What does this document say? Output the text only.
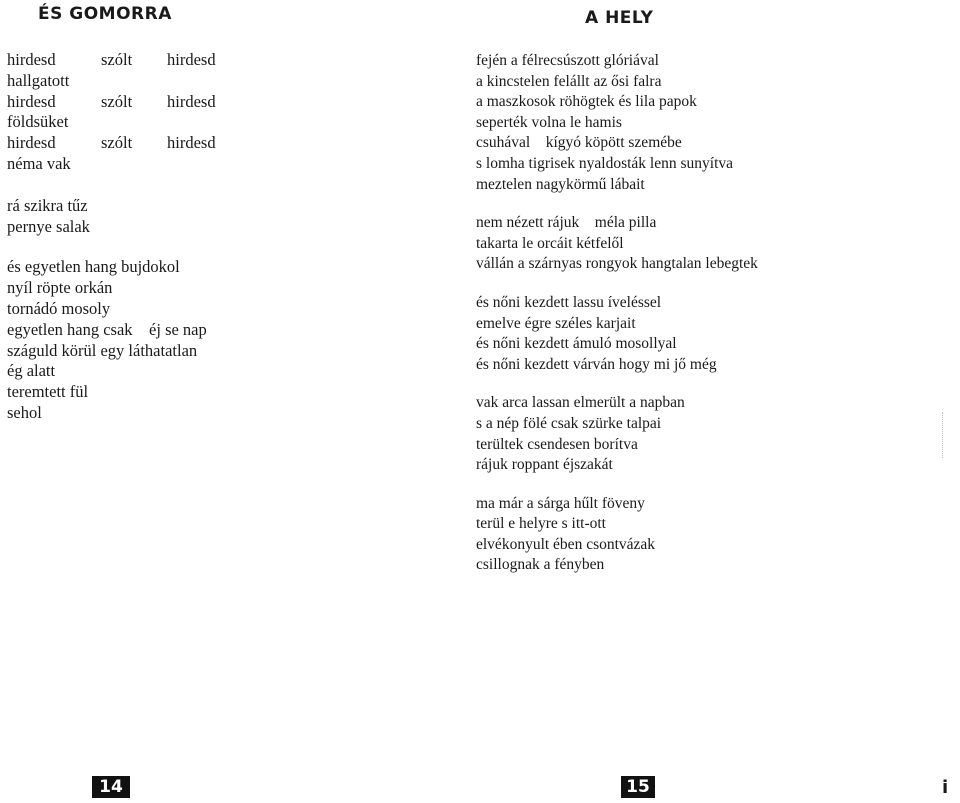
ÉS GOMORRA
hirdesd	szólt	hirdesd
hallgatott
hirdesd	szólt	hirdesd
földsüket
hirdesd	szólt	hirdesd
néma vak
rá szikra tűz
pernye salak
és egyetlen hang bujdokol
nyíl röpte orkán
tornádó mosoly
egyetlen hang csak    éj se nap
száguld körül egy láthatatlan
ég alatt
teremtett fül
sehol
14
A HELY
fején a félrecsúszott glóriával
a kincstelen felállt az ősi falra
a maszkosok röhögtek és lila papok
seperték volna le hamis
csuhával    kígyó köpött szemébe
s lomha tigrisek nyaldosták lenn sunyítva
meztelen nagykörmű lábait
nem nézett rájuk    méla pilla
takarta le orcáit kétfelől
vállán a szárnyas rongyok hangtalan lebegtek
és nőni kezdett lassu íveléssel
emelve égre széles karjait
és nőni kezdett ámuló mosollyal
és nőni kezdett várván hogy mi jő még
vak arca lassan elmerült a napban
s a nép fölé csak szürke talpai
terültek csendesen borítva
rájuk roppant éjszakát
ma már a sárga hűlt föveny
terül e helyre s itt-ott
elvékonyult ében csontvázak
csillognak a fényben
15	i
